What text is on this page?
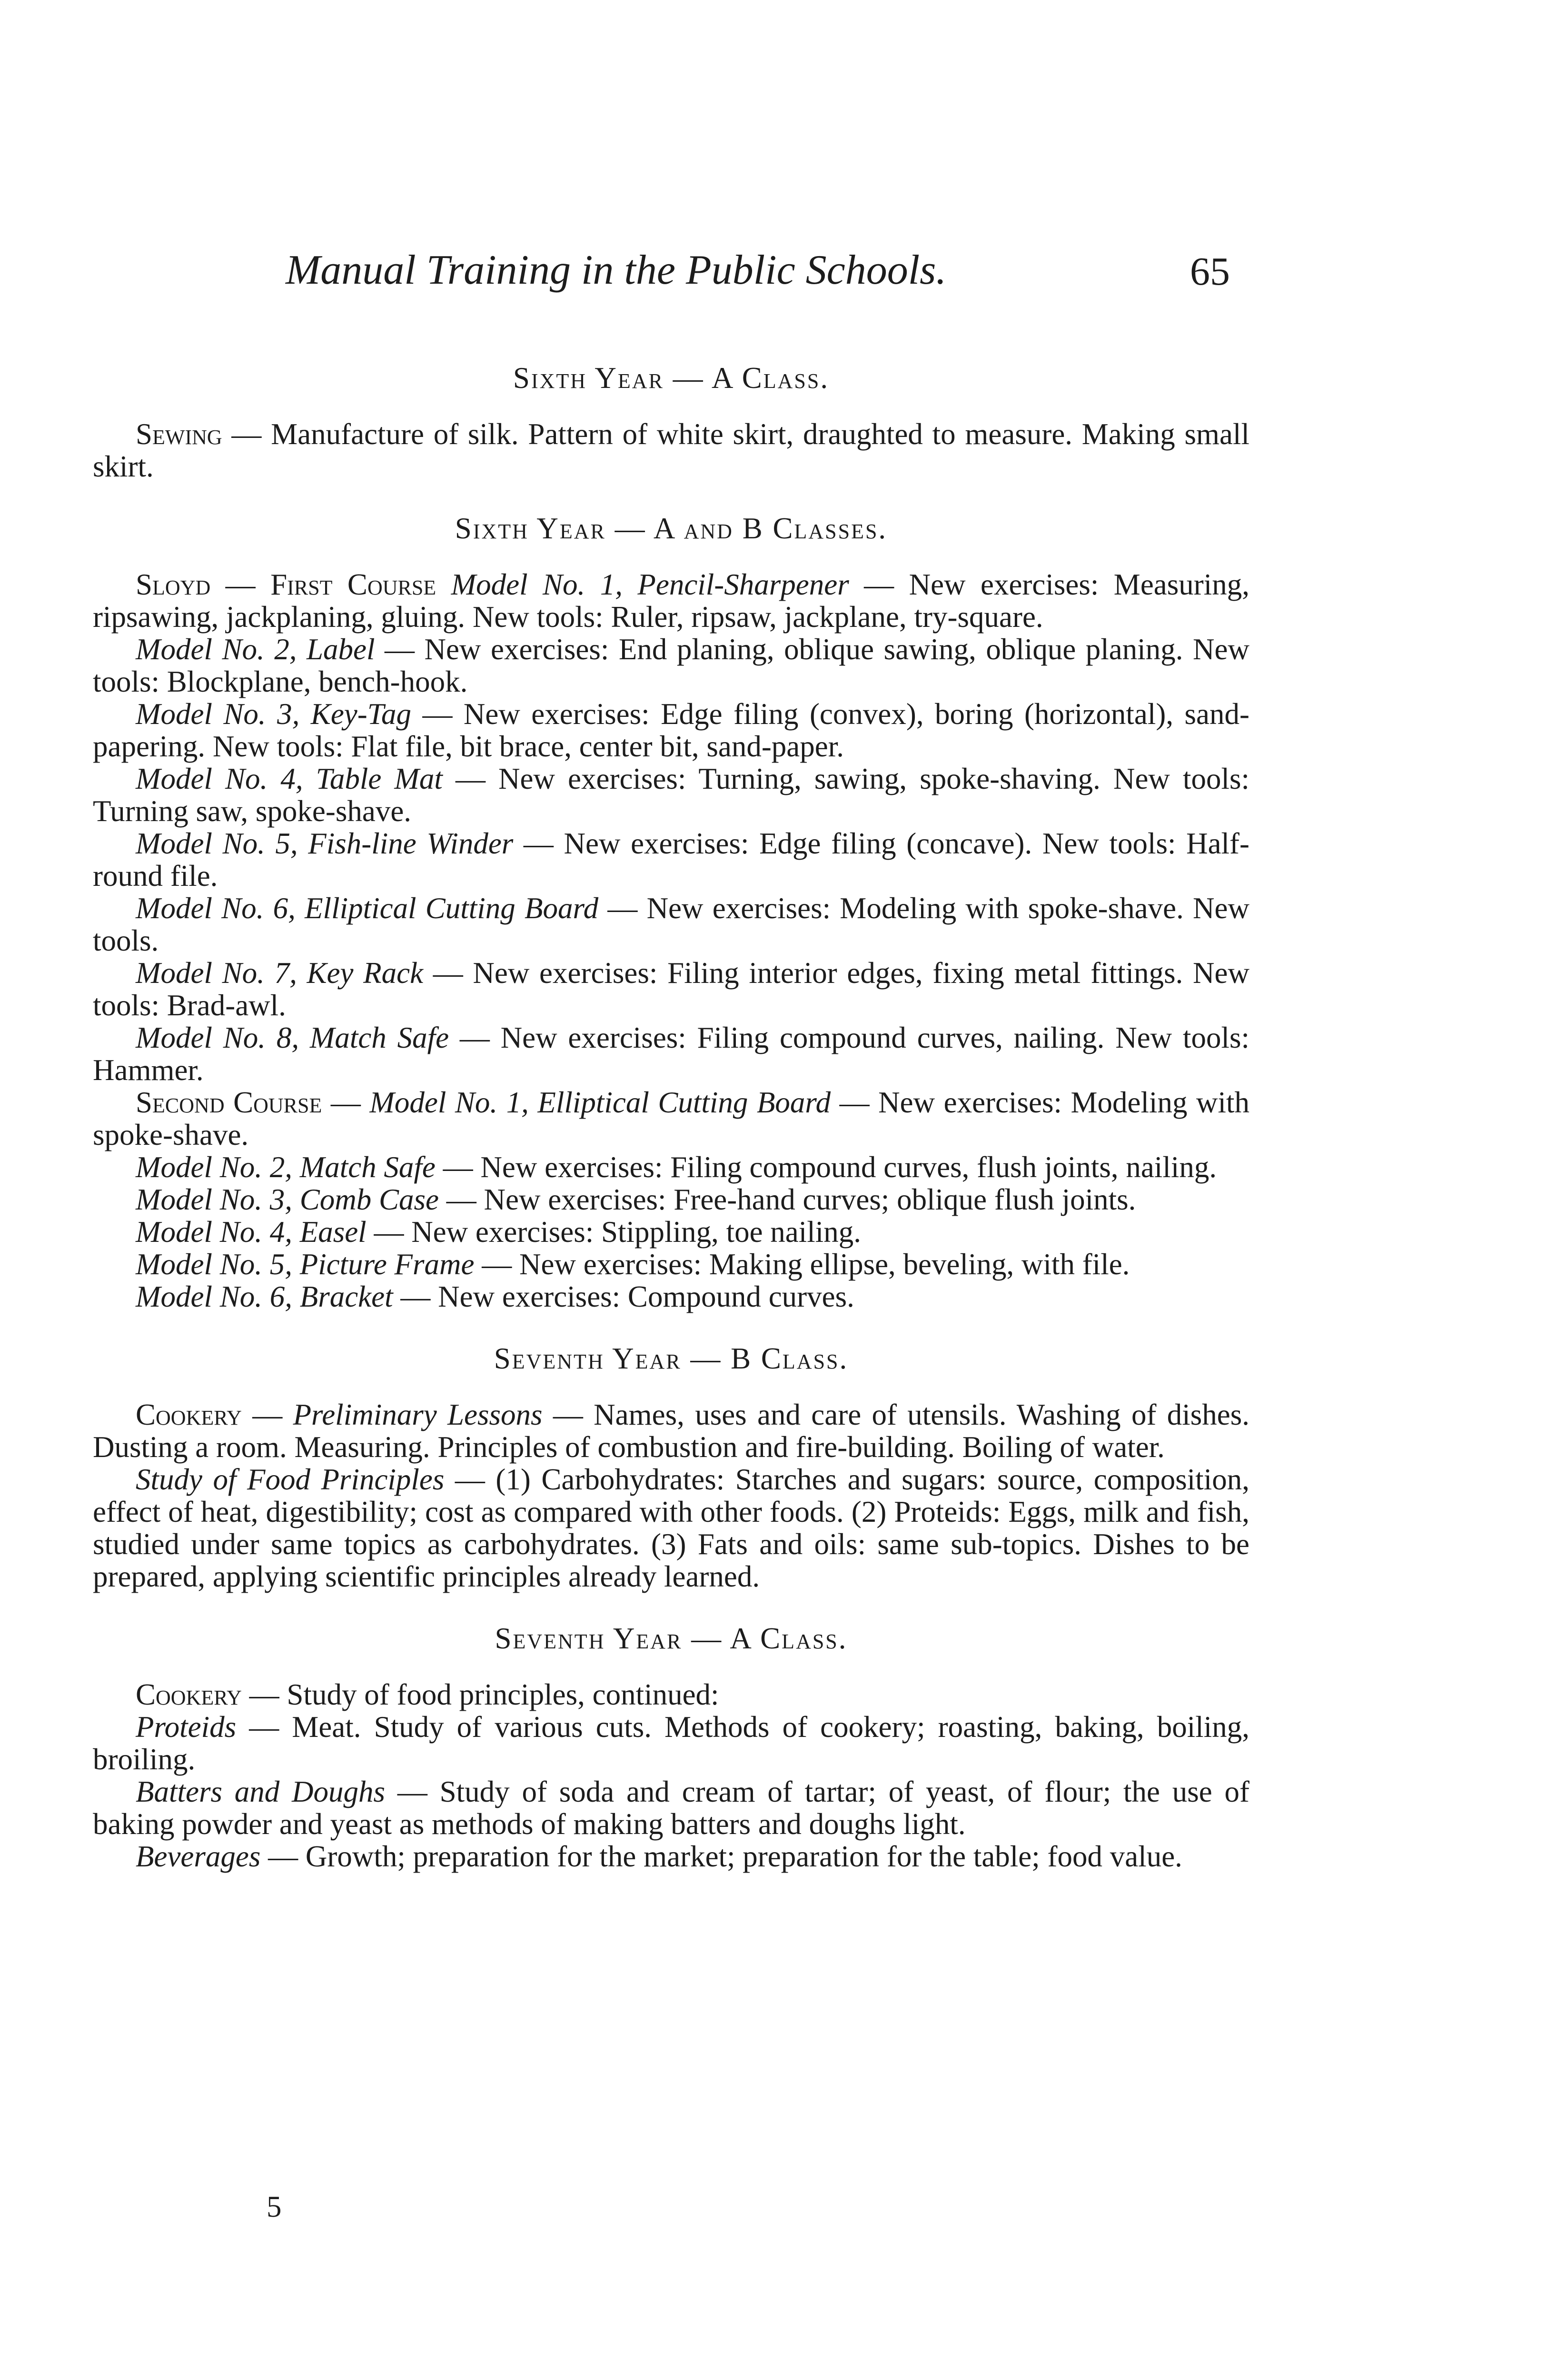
Manual Training in the Public Schools.	65
Sixth Year — A Class.

Sewing — Manufacture of silk. Pattern of white skirt, draughted to measure. Making small skirt.

Sixth Year — A and B Classes.

Sloyd — First Course Model No. 1, Pencil-Sharpener — New exercises: Measuring, ripsawing, jackplaning, gluing. New tools: Ruler, ripsaw, jackplane, try-square.

Model No. 2, Label — New exercises: End planing, oblique sawing, oblique planing. New tools: Blockplane, bench-hook.

Model No. 3, Key-Tag — New exercises: Edge filing (convex), boring (horizontal), sand-papering. New tools: Flat file, bit brace, center bit, sand-paper.

Model No. 4, Table Mat — New exercises: Turning, sawing, spoke-shaving. New tools: Turning saw, spoke-shave.

Model No. 5, Fish-line Winder — New exercises: Edge filing (concave). New tools: Half-round file.

Model No. 6, Elliptical Cutting Board — New exercises: Modeling with spoke-shave. New tools.

Model No. 7, Key Rack — New exercises: Filing interior edges, fixing metal fittings. New tools: Brad-awl.

Model No. 8, Match Safe — New exercises: Filing compound curves, nailing. New tools: Hammer.

Second Course — Model No. 1, Elliptical Cutting Board — New exercises: Modeling with spoke-shave.

Model No. 2, Match Safe — New exercises: Filing compound curves, flush joints, nailing.

Model No. 3, Comb Case — New exercises: Free-hand curves; oblique flush joints.

Model No. 4, Easel — New exercises: Stippling, toe nailing.

Model No. 5, Picture Frame — New exercises: Making ellipse, beveling, with file.

Model No. 6, Bracket — New exercises: Compound curves.

Seventh Year — B Class.

Cookery — Preliminary Lessons — Names, uses and care of utensils. Washing of dishes. Dusting a room. Measuring. Principles of combustion and fire-building. Boiling of water.

Study of Food Principles — (1) Carbohydrates: Starches and sugars: source, composition, effect of heat, digestibility; cost as compared with other foods. (2) Proteids: Eggs, milk and fish, studied under same topics as carbohydrates. (3) Fats and oils: same sub-topics. Dishes to be prepared, applying scientific principles already learned.

Seventh Year — A Class.

Cookery — Study of food principles, continued:

Proteids — Meat. Study of various cuts. Methods of cookery; roasting, baking, boiling, broiling.

Batters and Doughs — Study of soda and cream of tartar; of yeast, of flour; the use of baking powder and yeast as methods of making batters and doughs light.

Beverages — Growth; preparation for the market; preparation for the table; food value.

5
